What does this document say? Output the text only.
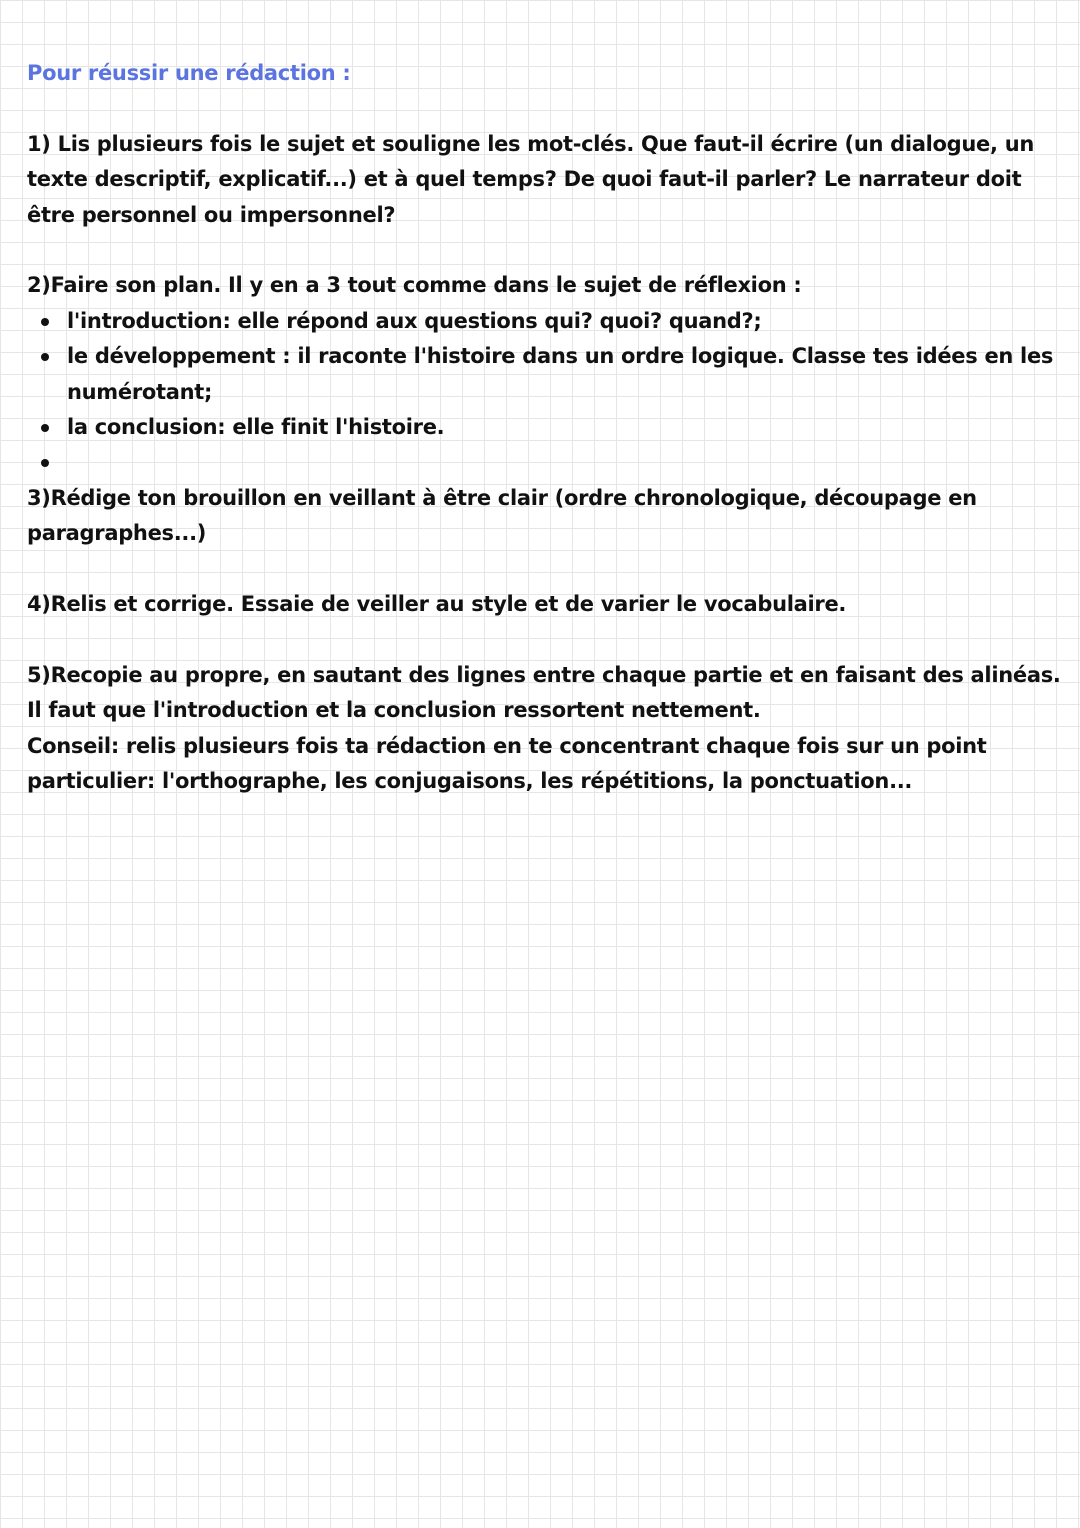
Pour réussir une rédaction :

1) Lis plusieurs fois le sujet et souligne les mot-clés. Que faut-il écrire (un dialogue, un texte descriptif, explicatif...) et à quel temps? De quoi faut-il parler? Le narrateur doit être personnel ou impersonnel?

2)Faire son plan. Il y en a 3 tout comme dans le sujet de réflexion :

l'introduction: elle répond aux questions qui? quoi? quand?;
le développement : il raconte l'histoire dans un ordre logique. Classe tes idées en les numérotant;
la conclusion: elle finit l'histoire.

3)Rédige ton brouillon en veillant à être clair (ordre chronologique, découpage en paragraphes...)

4)Relis et corrige. Essaie de veiller au style et de varier le vocabulaire.

5)Recopie au propre, en sautant des lignes entre chaque partie et en faisant des alinéas. Il faut que l'introduction et la conclusion ressortent nettement.

Conseil: relis plusieurs fois ta rédaction en te concentrant chaque fois sur un point particulier: l'orthographe, les conjugaisons, les répétitions, la ponctuation...
